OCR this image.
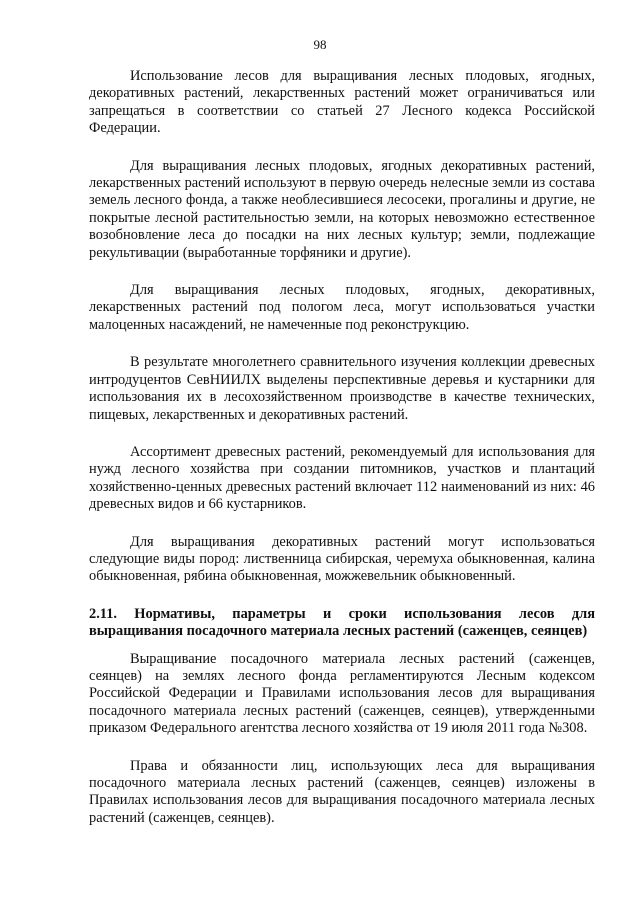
98

Использование лесов для выращивания лесных плодовых, ягодных, декоративных растений, лекарственных растений может ограничиваться или запрещаться в соответствии со статьей 27 Лесного кодекса Российской Федерации.

Для выращивания лесных плодовых, ягодных декоративных растений, лекарственных растений используют в первую очередь нелесные земли из состава земель лесного фонда, а также необлесившиеся лесосеки, прогалины и другие, не покрытые лесной растительностью земли, на которых невозможно естественное возобновление леса до посадки на них лесных культур; земли, подлежащие рекультивации (выработанные торфяники и другие).

Для выращивания лесных плодовых, ягодных, декоративных, лекарственных растений под пологом леса, могут использоваться участки малоценных насаждений, не намеченные под реконструкцию.

В результате многолетнего сравнительного изучения коллекции древесных интродуцентов СевНИИЛХ выделены перспективные деревья и кустарники для использования их в лесохозяйственном производстве в качестве технических, пищевых, лекарственных и декоративных растений.

Ассортимент древесных растений, рекомендуемый для использования для нужд лесного хозяйства при создании питомников, участков и плантаций хозяйственно-ценных древесных растений включает 112 наименований из них: 46 древесных видов и 66 кустарников.

Для выращивания декоративных растений могут использоваться следующие виды пород: лиственница сибирская, черемуха обыкновенная, калина обыкновенная, рябина обыкновенная, можжевельник обыкновенный.

2.11. Нормативы, параметры и сроки использования лесов для выращивания посадочного материала лесных растений (саженцев, сеянцев)

Выращивание посадочного материала лесных растений (саженцев, сеянцев) на землях лесного фонда регламентируются Лесным кодексом Российской Федерации и Правилами использования лесов для выращивания посадочного материала лесных растений (саженцев, сеянцев), утвержденными приказом Федерального агентства лесного хозяйства от 19 июля 2011 года №308.

Права и обязанности лиц, использующих леса для выращивания посадочного материала лесных растений (саженцев, сеянцев) изложены в Правилах использования лесов для выращивания посадочного материала лесных растений (саженцев, сеянцев).
